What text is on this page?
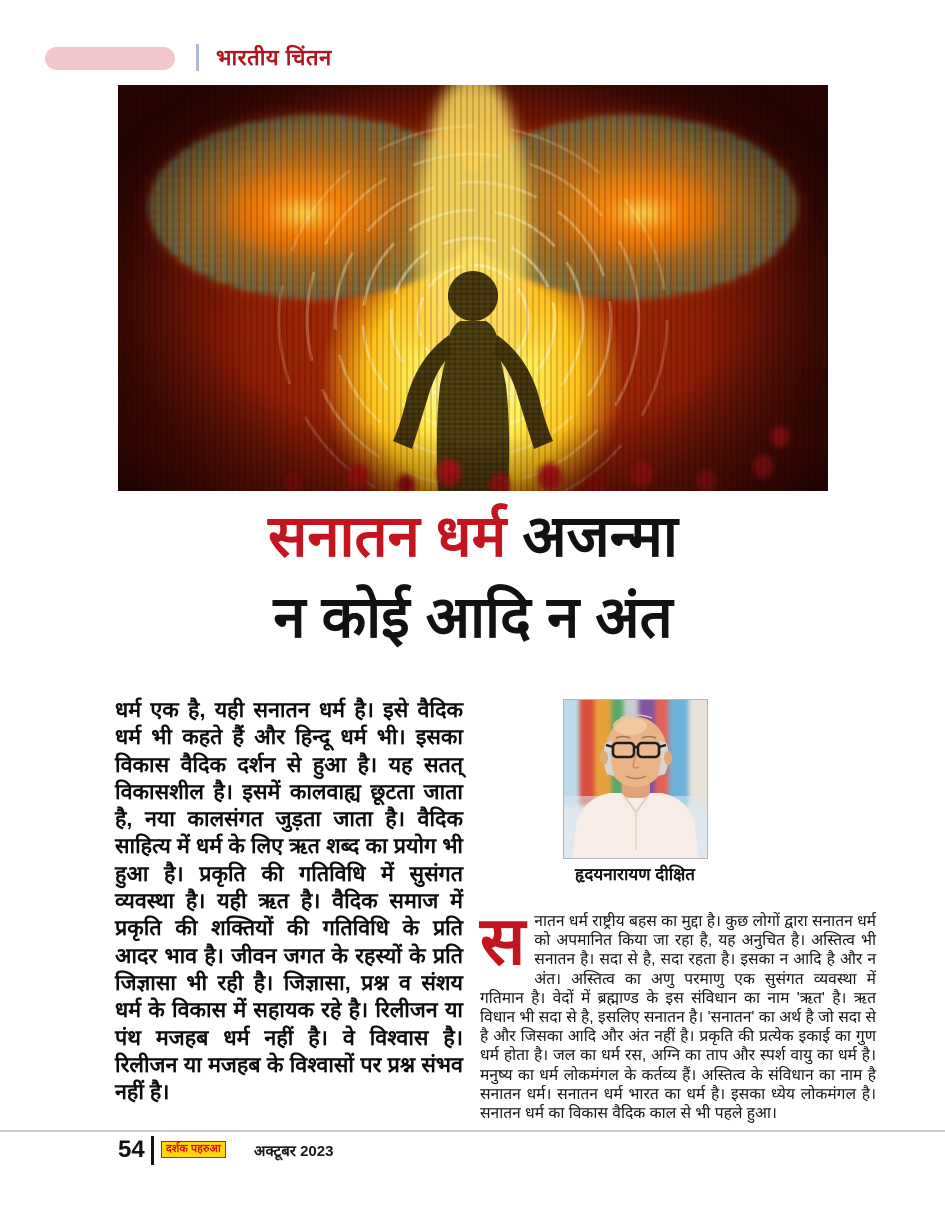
भारतीय चिंतन
सनातन धर्म अजन्मा
न कोई आदि न अंत
धर्म एक है, यही सनातन धर्म है। इसे वैदिक धर्म भी कहते हैं और हिन्दू धर्म भी। इसका विकास वैदिक दर्शन से हुआ है। यह सतत् विकासशील है। इसमें कालवाह्य छूटता जाता है, नया कालसंगत जुड़ता जाता है। वैदिक साहित्य में धर्म के लिए ऋत शब्द का प्रयोग भी हुआ है। प्रकृति की गतिविधि में सुसंगत व्यवस्था है। यही ऋत है। वैदिक समाज में प्रकृति की शक्तियों की गतिविधि के प्रति आदर भाव है। जीवन जगत के रहस्यों के प्रति जिज्ञासा भी रही है। जिज्ञासा, प्रश्न व संशय धर्म के विकास में सहायक रहे है। रिलीजन या पंथ मजहब धर्म नहीं है। वे विश्वास है। रिलीजन या मजहब के विश्वासों पर प्रश्न संभव नहीं है।
हृदयनारायण दीक्षित
सनातन धर्म राष्ट्रीय बहस का मुद्दा है। कुछ लोगों द्वारा सनातन धर्म को अपमानित किया जा रहा है, यह अनुचित है। अस्तित्व भी सनातन है। सदा से है, सदा रहता है। इसका न आदि है और न अंत। अस्तित्व का अणु परमाणु एक सुसंगत व्यवस्था में गतिमान है। वेदों में ब्रह्माण्ड के इस संविधान का नाम 'ऋत' है। ऋत विधान भी सदा से है, इसलिए सनातन है। 'सनातन' का अर्थ है जो सदा से है और जिसका आदि और अंत नहीं है। प्रकृति की प्रत्येक इकाई का गुण धर्म होता है। जल का धर्म रस, अग्नि का ताप और स्पर्श वायु का धर्म है। मनुष्य का धर्म लोकमंगल के कर्तव्य हैं। अस्तित्व के संविधान का नाम है सनातन धर्म। सनातन धर्म भारत का धर्म है। इसका ध्येय लोकमंगल है। सनातन धर्म का विकास वैदिक काल से भी पहले हुआ।
54	दर्शक पहरुआ	अक्टूबर 2023
